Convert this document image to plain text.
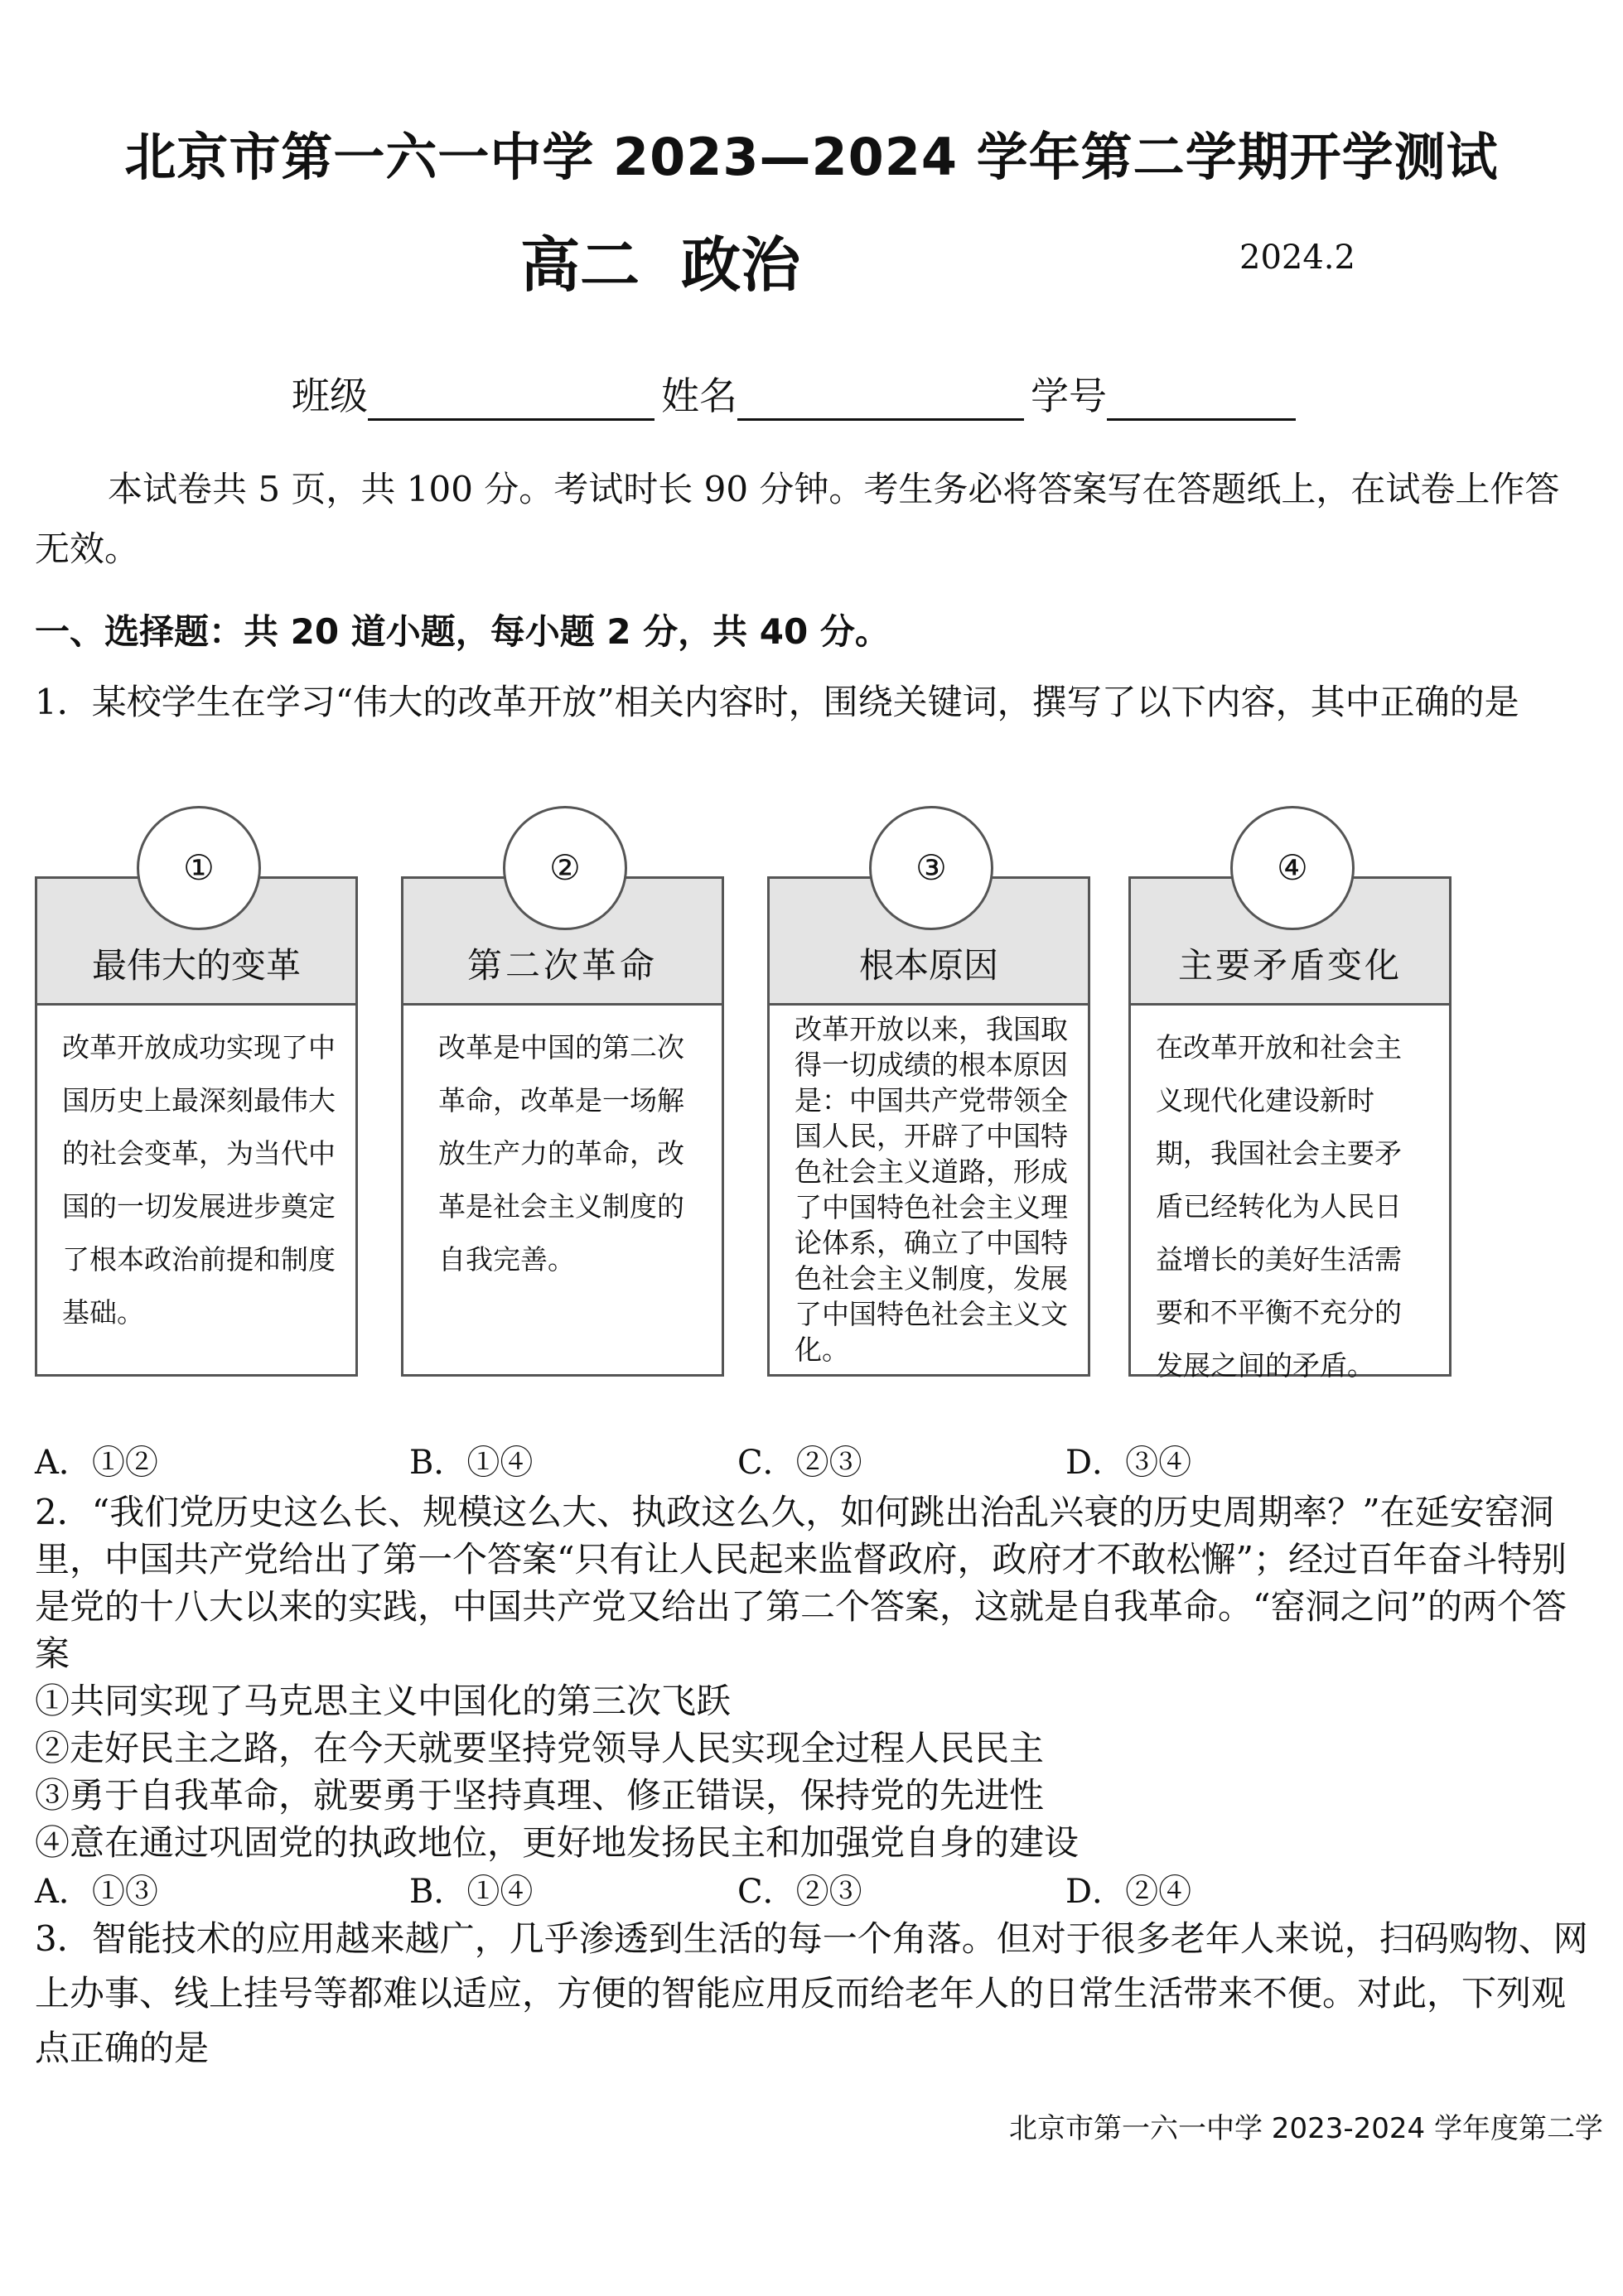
北京市第一六一中学 2023—2024 学年第二学期开学测试
高二  政治	2024.2
班级	姓名	学号
本试卷共 5 页，共 100 分。考试时长 90 分钟。考生务必将答案写在答题纸上，在试卷上作答无效。
一、选择题：共 20 道小题，每小题 2 分，共 40 分。
1．某校学生在学习“伟大的改革开放”相关内容时，围绕关键词，撰写了以下内容，其中正确的是
最伟大的变革
①
改革开放成功实现了中国历史上最深刻最伟大的社会变革，为当代中国的一切发展进步奠定了根本政治前提和制度基础。
第二次革命
②
改革是中国的第二次革命，改革是一场解放生产力的革命，改革是社会主义制度的自我完善。
根本原因
③
改革开放以来，我国取得一切成绩的根本原因是：中国共产党带领全国人民，开辟了中国特色社会主义道路，形成了中国特色社会主义理论体系，确立了中国特色社会主义制度，发展了中国特色社会主义文化。
主要矛盾变化
④
在改革开放和社会主义现代化建设新时期，我国社会主要矛盾已经转化为人民日益增长的美好生活需要和不平衡不充分的发展之间的矛盾。
A．①②	B．①④	C．②③	D．③④
2．“我们党历史这么长、规模这么大、执政这么久，如何跳出治乱兴衰的历史周期率？”在延安窑洞里，中国共产党给出了第一个答案“只有让人民起来监督政府，政府才不敢松懈”；经过百年奋斗特别是党的十八大以来的实践，中国共产党又给出了第二个答案，这就是自我革命。“窑洞之问”的两个答案
①共同实现了马克思主义中国化的第三次飞跃
②走好民主之路，在今天就要坚持党领导人民实现全过程人民民主
③勇于自我革命，就要勇于坚持真理、修正错误，保持党的先进性
④意在通过巩固党的执政地位，更好地发扬民主和加强党自身的建设
A．①③	B．①④	C．②③	D．②④
3．智能技术的应用越来越广，几乎渗透到生活的每一个角落。但对于很多老年人来说，扫码购物、网上办事、线上挂号等都难以适应，方便的智能应用反而给老年人的日常生活带来不便。对此，下列观点正确的是
北京市第一六一中学 2023-2024 学年度第二学
